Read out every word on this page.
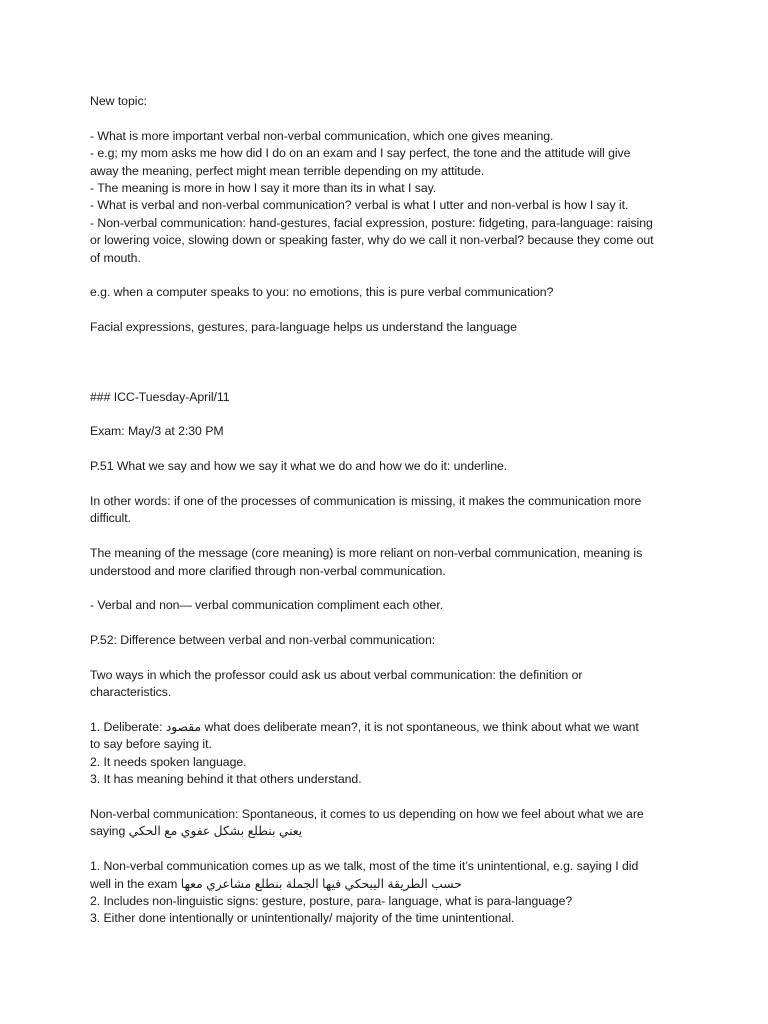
New topic:
- What is more important verbal non-verbal communication, which one gives meaning.
- e.g; my mom asks me how did I do on an exam and I say perfect, the tone and the attitude will give
away the meaning, perfect might mean terrible depending on my attitude.
- The meaning is more in how I say it more than its in what I say.
- What is verbal and non-verbal communication? verbal is what I utter and non-verbal is how I say it.
- Non-verbal communication: hand-gestures, facial expression, posture: fidgeting, para-language: raising
or lowering voice, slowing down or speaking faster, why do we call it non-verbal? because they come out
of mouth.
e.g. when a computer speaks to you: no emotions, this is pure verbal communication?
Facial expressions, gestures, para-language helps us understand the language
### ICC-Tuesday-April/11
Exam: May/3 at 2:30 PM
P.51 What we say and how we say it what we do and how we do it: underline.
In other words: if one of the processes of communication is missing, it makes the communication more
difficult.
The meaning of the message (core meaning) is more reliant on non-verbal communication, meaning is
understood and more clarified through non-verbal communication.
- Verbal and non— verbal communication compliment each other.
P.52: Difference between verbal and non-verbal communication:
Two ways in which the professor could ask us about verbal communication: the definition or
characteristics.
1. Deliberate: مقصود what does deliberate mean?, it is not spontaneous, we think about what we want
to say before saying it.
2. It needs spoken language.
3. It has meaning behind it that others understand.
Non-verbal communication: Spontaneous, it comes to us depending on how we feel about what we are
saying يعني بنطلع بشكل عفوي مع الحكي
1. Non-verbal communication comes up as we talk, most of the time it’s unintentional, e.g. saying I did
well in the exam حسب الطريقة اليبحكي فيها الجملة بنطلع مشاعري معها
2. Includes non-linguistic signs: gesture, posture, para- language, what is para-language?
3. Either done intentionally or unintentionally/ majority of the time unintentional.
